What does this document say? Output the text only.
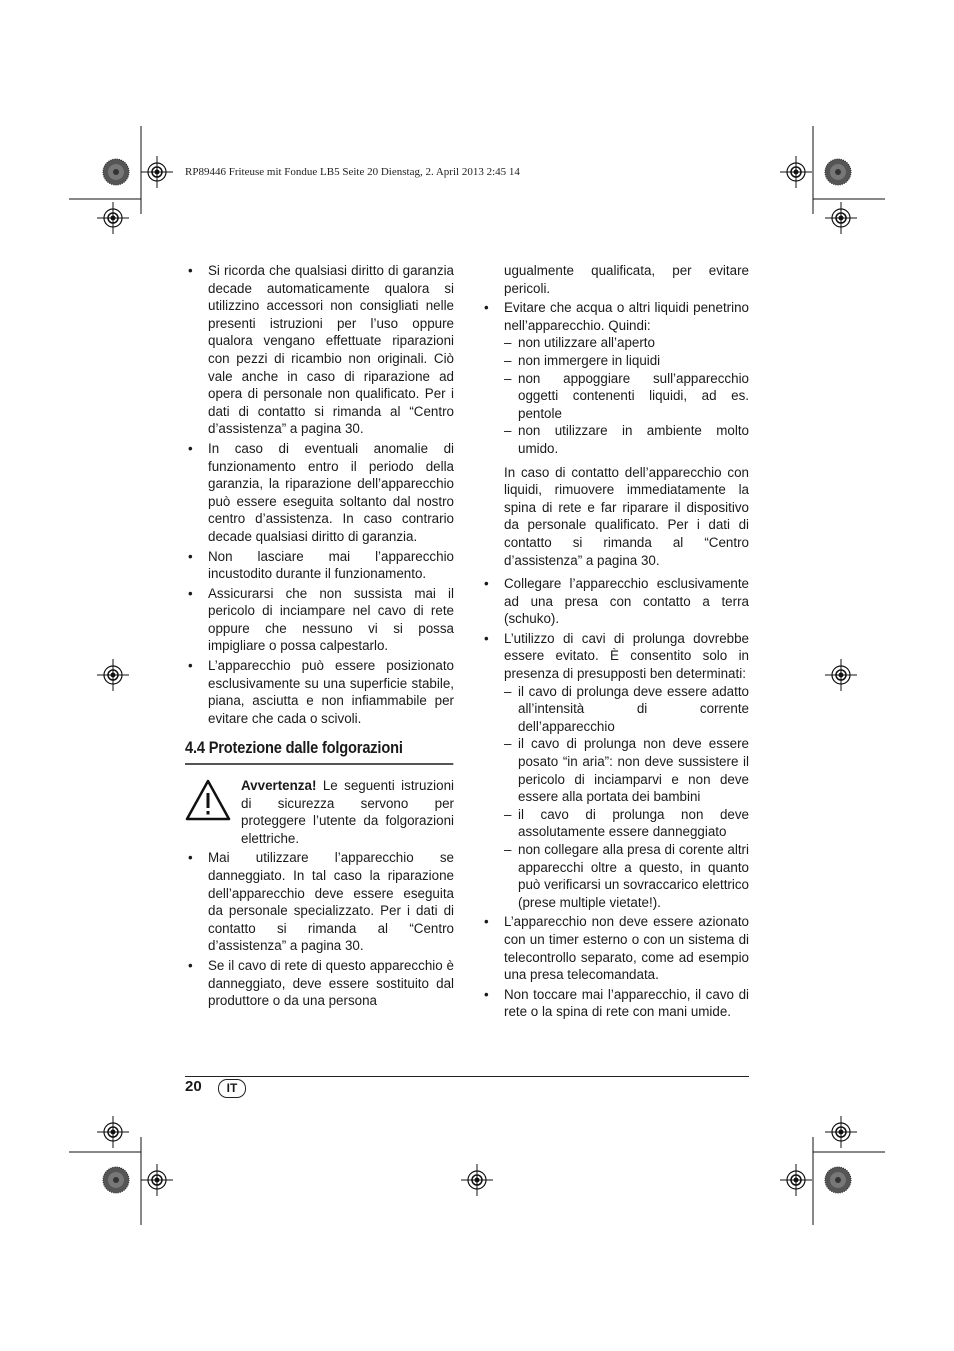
RP89446 Friteuse mit Fondue LB5 Seite 20 Dienstag, 2. April 2013 2:45 14
• Si ricorda che qualsiasi diritto di garanzia decade automaticamente qualora si utilizzino accessori non consigliati nelle presenti istruzioni per l’uso oppure qualora vengano effettuate riparazioni con pezzi di ricambio non originali. Ciò vale anche in caso di riparazione ad opera di personale non qualificato. Per i dati di contatto si rimanda al “Centro d’assistenza” a pagina 30.
• In caso di eventuali anomalie di funzionamento entro il periodo della garanzia, la riparazione dell’apparecchio può essere eseguita soltanto dal nostro centro d’assistenza. In caso contrario decade qualsiasi diritto di garanzia.
• Non lasciare mai l’apparecchio incustodito durante il funzionamento.
• Assicurarsi che non sussista mai il pericolo di inciampare nel cavo di rete oppure che nessuno vi si possa impigliare o possa calpestarlo.
• L’apparecchio può essere posizionato esclusivamente su una superficie stabile, piana, asciutta e non infiammabile per evitare che cada o scivoli.
4.4 Protezione dalle folgorazioni
Avvertenza! Le seguenti istruzioni di sicurezza servono per proteggere l’utente da folgorazioni elettriche.
• Mai utilizzare l’apparecchio se danneggiato. In tal caso la riparazione dell’apparecchio deve essere eseguita da personale specializzato. Per i dati di contatto si rimanda al “Centro d’assistenza” a pagina 30.
• Se il cavo di rete di questo apparecchio è danneggiato, deve essere sostituito dal produttore o da una persona
ugualmente qualificata, per evitare pericoli.
• Evitare che acqua o altri liquidi penetrino nell’apparecchio. Quindi:
– non utilizzare all’aperto
– non immergere in liquidi
– non appoggiare sull’apparecchio oggetti contenenti liquidi, ad es. pentole
– non utilizzare in ambiente molto umido.
In caso di contatto dell’apparecchio con liquidi, rimuovere immediatamente la spina di rete e far riparare il dispositivo da personale qualificato. Per i dati di contatto si rimanda al “Centro d’assistenza” a pagina 30.
• Collegare l’apparecchio esclusivamente ad una presa con contatto a terra (schuko).
• L’utilizzo di cavi di prolunga dovrebbe essere evitato. È consentito solo in presenza di presupposti ben determinati:
– il cavo di prolunga deve essere adatto all’intensità di corrente dell’apparecchio
– il cavo di prolunga non deve essere posato “in aria”: non deve sussistere il pericolo di inciamparvi e non deve essere alla portata dei bambini
– il cavo di prolunga non deve assolutamente essere danneggiato
– non collegare alla presa di corente altri apparecchi oltre a questo, in quanto può verificarsi un sovraccarico elettrico (prese multiple vietate!).
• L’apparecchio non deve essere azionato con un timer esterno o con un sistema di telecontrollo separato, come ad esempio una presa telecomandata.
• Non toccare mai l’apparecchio, il cavo di rete o la spina di rete con mani umide.
20	IT
